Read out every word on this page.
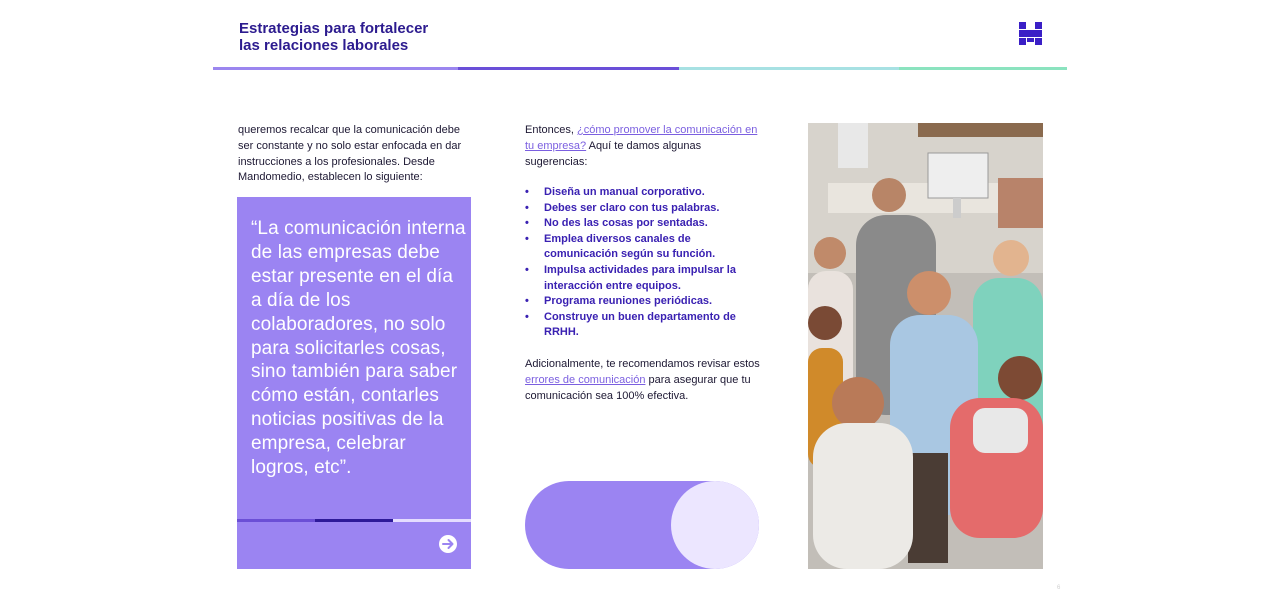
Estrategias para fortalecer
las relaciones laborales

queremos recalcar que la comunicación debe ser constante y no solo estar enfocada en dar instrucciones a los profesionales. Desde Mandomedio, establecen lo siguiente:

“La comunicación interna de las empresas debe estar presente en el día a día de los colaboradores, no solo para solicitarles cosas, sino también para saber cómo están, contarles noticias positivas de la empresa, celebrar logros, etc”.

Entonces, ¿cómo promover la comunicación en tu empresa? Aquí te damos algunas sugerencias:

• Diseña un manual corporativo.
• Debes ser claro con tus palabras.
• No des las cosas por sentadas.
• Emplea diversos canales de comunicación según su función.
• Impulsa actividades para impulsar la interacción entre equipos.
• Programa reuniones periódicas.
• Construye un buen departamento de RRHH.

Adicionalmente, te recomendamos revisar estos errores de comunicación para asegurar que tu comunicación sea 100% efectiva.

6
